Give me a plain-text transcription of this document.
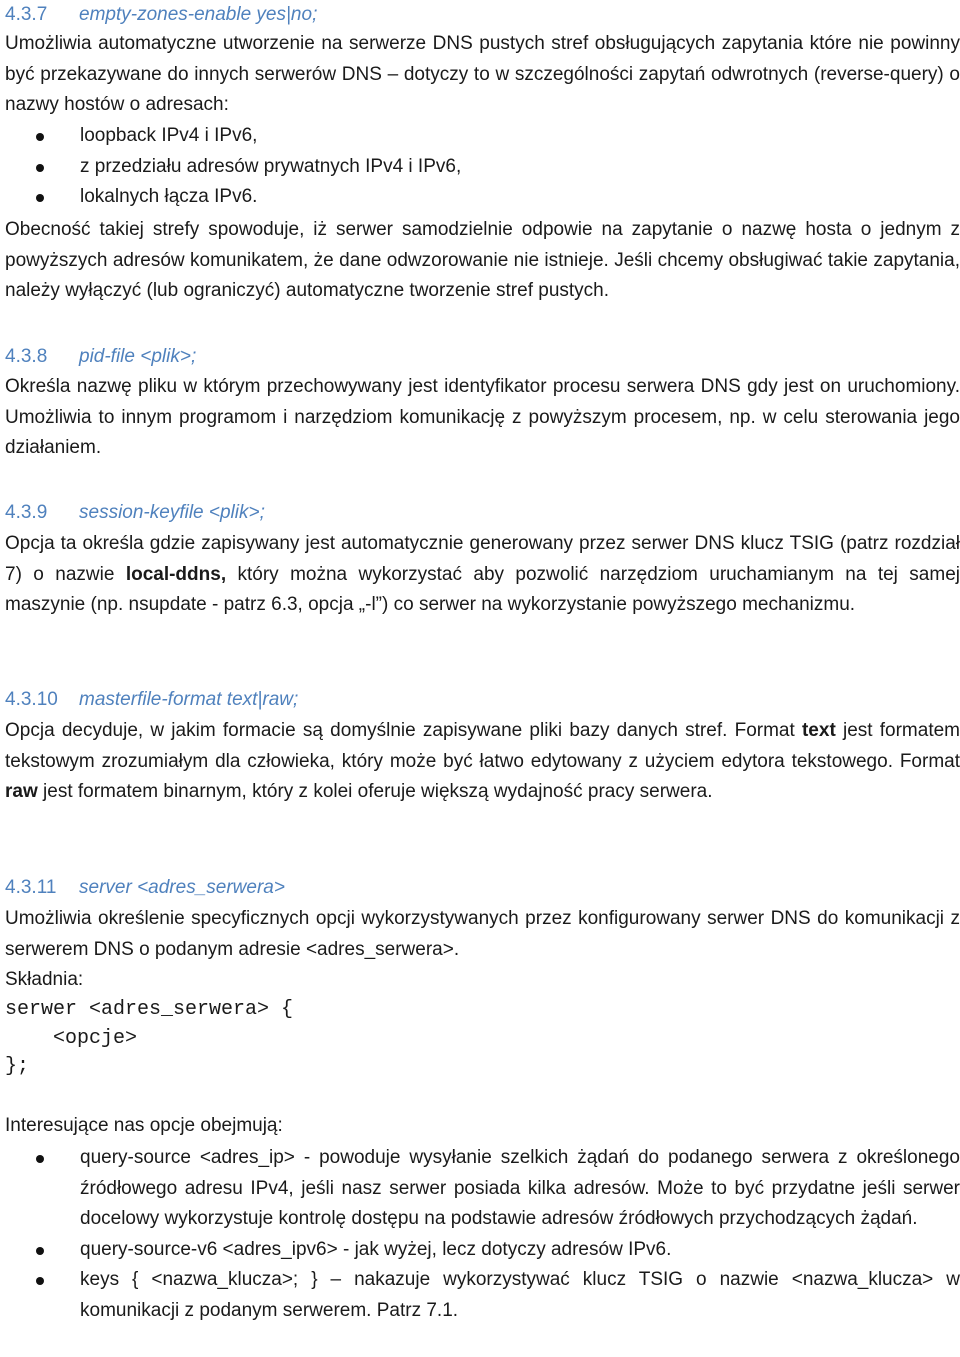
4.3.7 empty-zones-enable yes|no;
Umożliwia automatyczne utworzenie na serwerze DNS pustych stref obsługujących zapytania które nie powinny być przekazywane do innych serwerów DNS – dotyczy to w szczególności zapytań odwrotnych (reverse-query) o nazwy hostów o adresach:
loopback IPv4 i IPv6,
z przedziału adresów prywatnych IPv4 i IPv6,
lokalnych łącza IPv6.
Obecność takiej strefy spowoduje, iż serwer samodzielnie odpowie na zapytanie o nazwę hosta o jednym z powyższych adresów komunikatem, że dane odwzorowanie nie istnieje. Jeśli chcemy obsługiwać takie zapytania, należy wyłączyć (lub ograniczyć) automatyczne tworzenie stref pustych.
4.3.8 pid-file <plik>;
Określa nazwę pliku w którym przechowywany jest identyfikator procesu serwera DNS gdy jest on uruchomiony. Umożliwia to innym programom i narzędziom komunikację z powyższym procesem, np. w celu sterowania jego działaniem.
4.3.9 session-keyfile <plik>;
Opcja ta określa gdzie zapisywany jest automatycznie generowany przez serwer DNS klucz TSIG (patrz rozdział 7) o nazwie local-ddns, który można wykorzystać aby pozwolić narzędziom uruchamianym na tej samej maszynie (np. nsupdate - patrz 6.3, opcja „-l”) co serwer na wykorzystanie powyższego mechanizmu.
4.3.10 masterfile-format text|raw;
Opcja decyduje, w jakim formacie są domyślnie zapisywane pliki bazy danych stref. Format text jest formatem tekstowym zrozumiałym dla człowieka, który może być łatwo edytowany z użyciem edytora tekstowego. Format raw jest formatem binarnym, który z kolei oferuje większą wydajność pracy serwera.
4.3.11 server <adres_serwera>
Umożliwia określenie specyficznych opcji wykorzystywanych przez konfigurowany serwer DNS do komunikacji z serwerem DNS o podanym adresie <adres_serwera>.
Składnia:
serwer <adres_serwera> {
<opcje>
};
Interesujące nas opcje obejmują:
query-source <adres_ip> - powoduje wysyłanie szelkich żądań do podanego serwera z określonego źródłowego adresu IPv4, jeśli nasz serwer posiada kilka adresów. Może to być przydatne jeśli serwer docelowy wykorzystuje kontrolę dostępu na podstawie adresów źródłowych przychodzących żądań.
query-source-v6 <adres_ipv6> - jak wyżej, lecz dotyczy adresów IPv6.
keys { <nazwa_klucza>; } – nakazuje wykorzystywać klucz TSIG o nazwie <nazwa_klucza> w komunikacji z podanym serwerem. Patrz 7.1.
